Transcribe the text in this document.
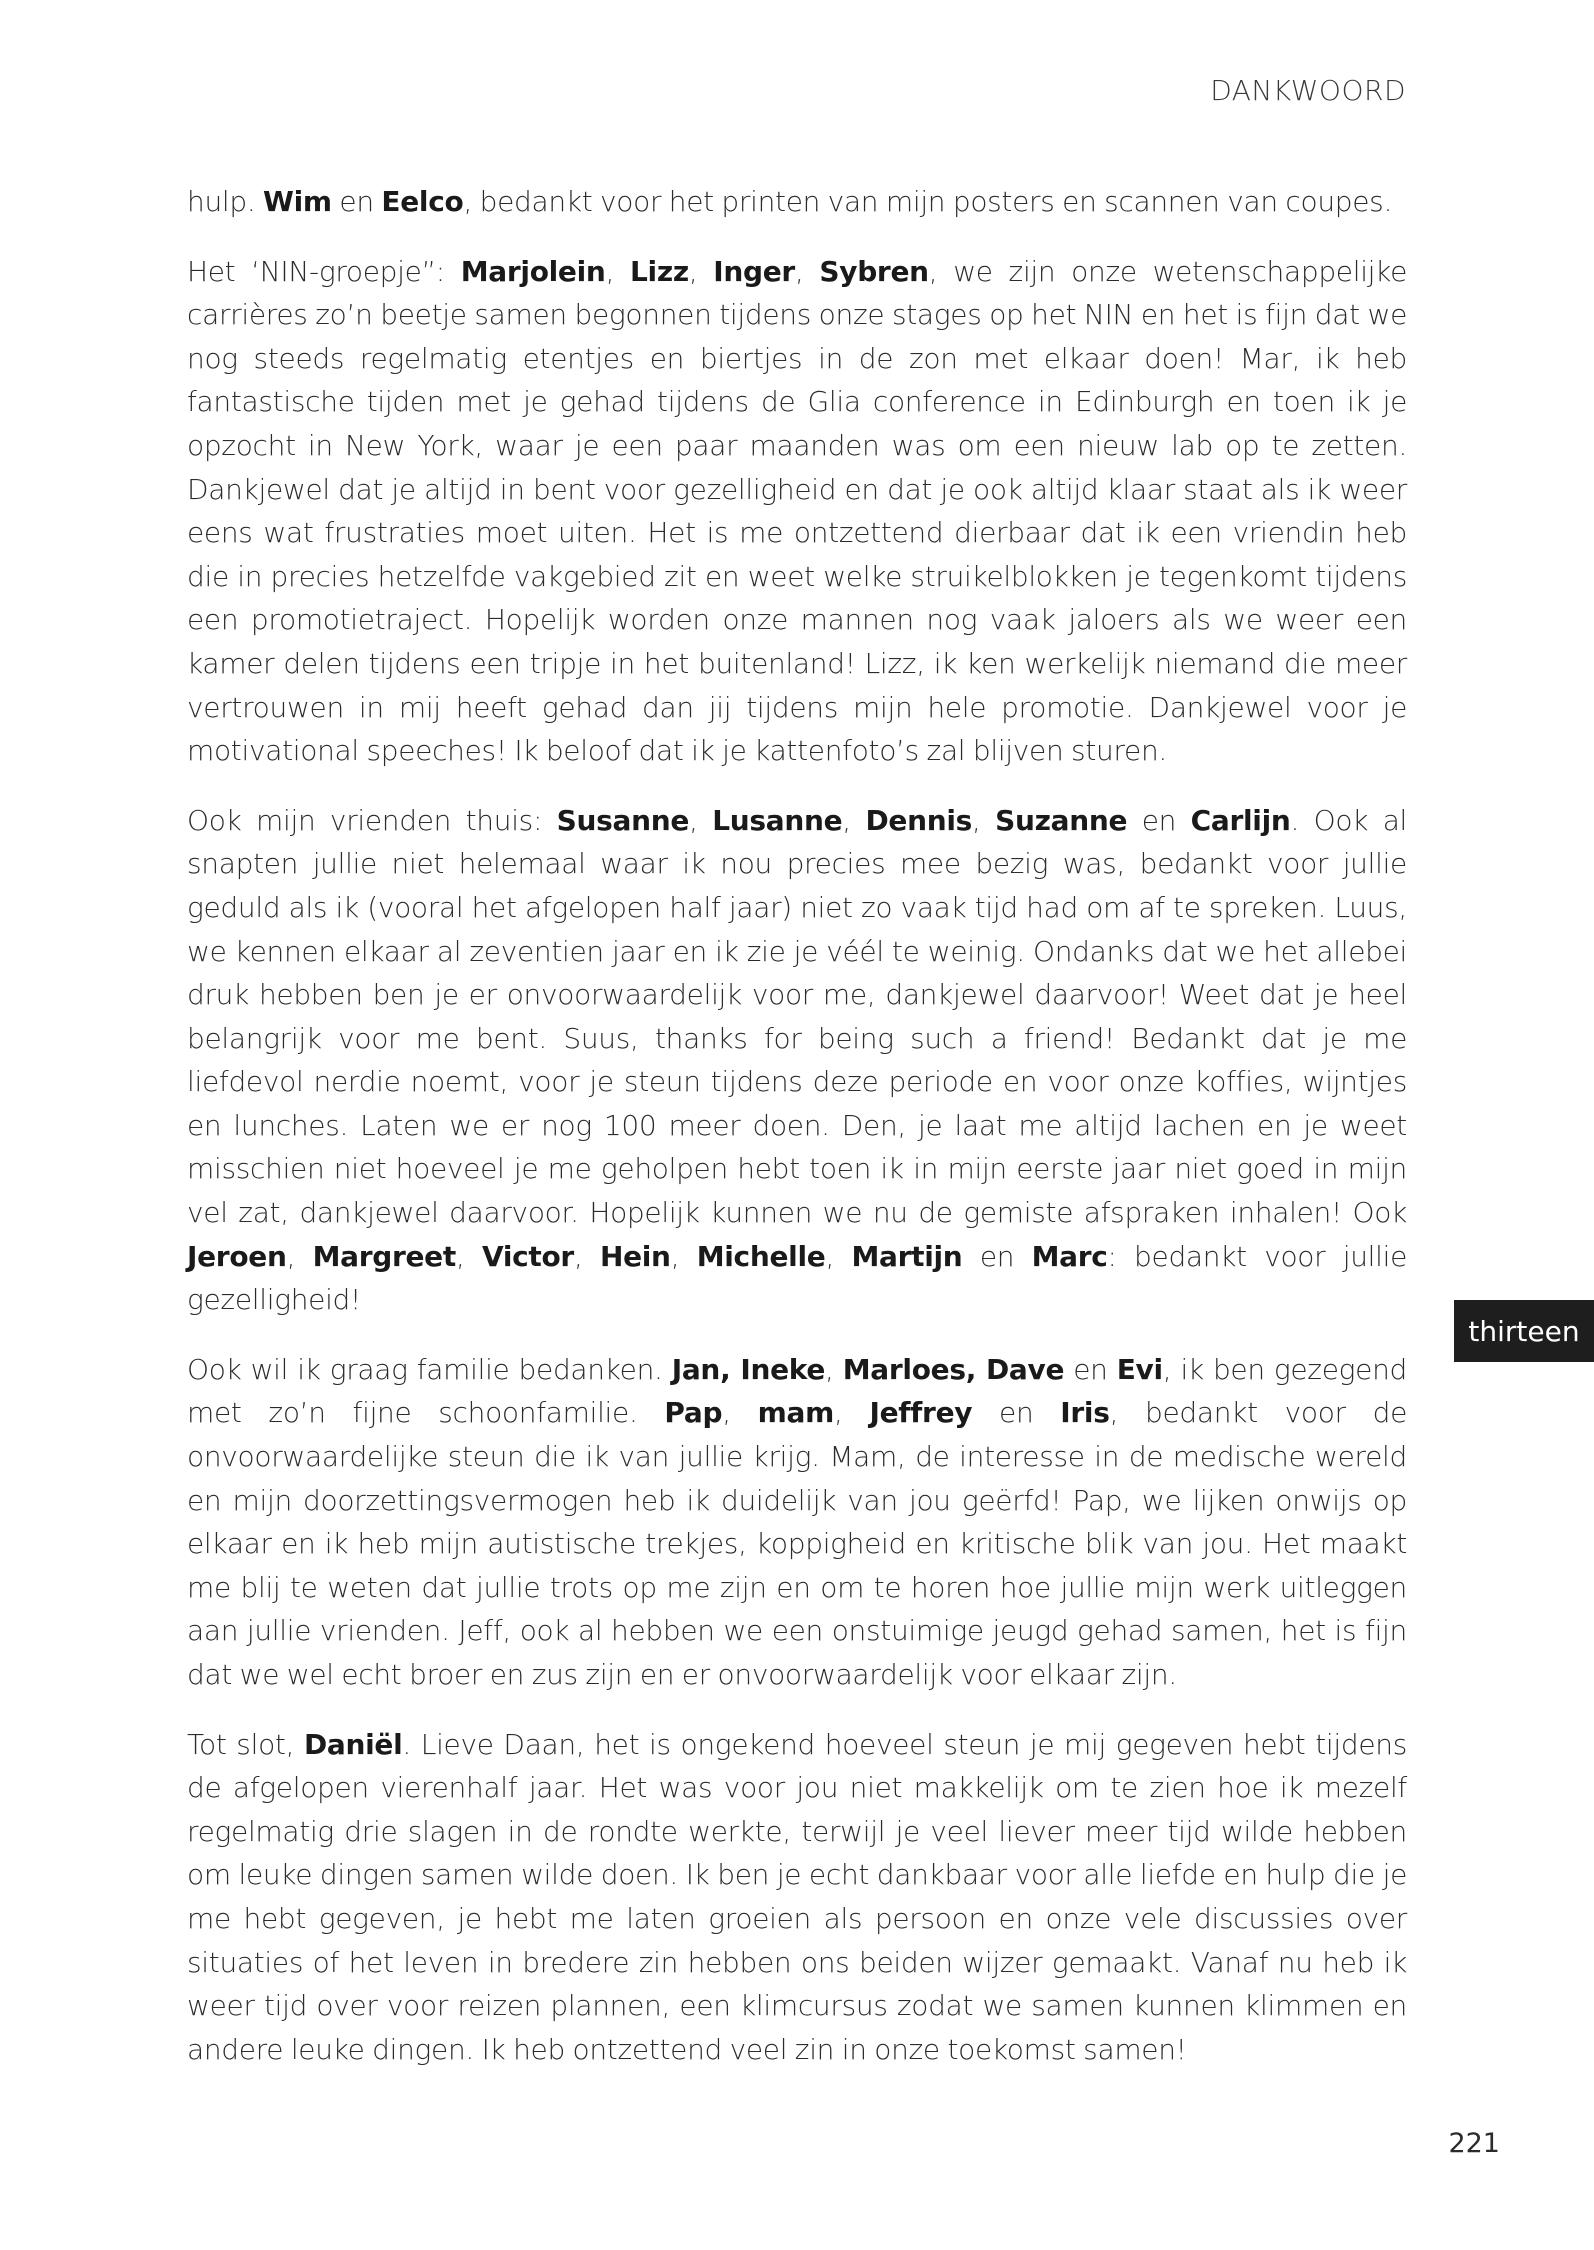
DANKWOORD

hulp. Wim en Eelco, bedankt voor het printen van mijn posters en scannen van coupes.

Het ‘NIN-groepje”: Marjolein, Lizz, Inger, Sybren, we zijn onze wetenschappelijke carrières zo’n beetje samen begonnen tijdens onze stages op het NIN en het is fijn dat we nog steeds regelmatig etentjes en biertjes in de zon met elkaar doen! Mar, ik heb fantastische tijden met je gehad tijdens de Glia conference in Edinburgh en toen ik je opzocht in New York, waar je een paar maanden was om een nieuw lab op te zetten. Dankjewel dat je altijd in bent voor gezelligheid en dat je ook altijd klaar staat als ik weer eens wat frustraties moet uiten. Het is me ontzettend dierbaar dat ik een vriendin heb die in precies hetzelfde vakgebied zit en weet welke struikelblokken je tegenkomt tijdens een promotietraject. Hopelijk worden onze mannen nog vaak jaloers als we weer een kamer delen tijdens een tripje in het buitenland! Lizz, ik ken werkelijk niemand die meer vertrouwen in mij heeft gehad dan jij tijdens mijn hele promotie. Dankjewel voor je motivational speeches! Ik beloof dat ik je kattenfoto’s zal blijven sturen.

Ook mijn vrienden thuis: Susanne, Lusanne, Dennis, Suzanne en Carlijn. Ook al snapten jullie niet helemaal waar ik nou precies mee bezig was, bedankt voor jullie geduld als ik (vooral het afgelopen half jaar) niet zo vaak tijd had om af te spreken. Luus, we kennen elkaar al zeventien jaar en ik zie je véél te weinig. Ondanks dat we het allebei druk hebben ben je er onvoorwaardelijk voor me, dankjewel daarvoor! Weet dat je heel belangrijk voor me bent. Suus, thanks for being such a friend! Bedankt dat je me liefdevol nerdie noemt, voor je steun tijdens deze periode en voor onze koffies, wijntjes en lunches. Laten we er nog 100 meer doen. Den, je laat me altijd lachen en je weet misschien niet hoeveel je me geholpen hebt toen ik in mijn eerste jaar niet goed in mijn vel zat, dankjewel daarvoor. Hopelijk kunnen we nu de gemiste afspraken inhalen! Ook Jeroen, Margreet, Victor, Hein, Michelle, Martijn en Marc: bedankt voor jullie gezelligheid!

Ook wil ik graag familie bedanken. Jan, Ineke, Marloes, Dave en Evi, ik ben gezegend met zo’n fijne schoonfamilie. Pap, mam, Jeffrey en Iris, bedankt voor de onvoorwaardelijke steun die ik van jullie krijg. Mam, de interesse in de medische wereld en mijn doorzettingsvermogen heb ik duidelijk van jou geërfd! Pap, we lijken onwijs op elkaar en ik heb mijn autistische trekjes, koppigheid en kritische blik van jou. Het maakt me blij te weten dat jullie trots op me zijn en om te horen hoe jullie mijn werk uitleggen aan jullie vrienden. Jeff, ook al hebben we een onstuimige jeugd gehad samen, het is fijn dat we wel echt broer en zus zijn en er onvoorwaardelijk voor elkaar zijn.

Tot slot, Daniël. Lieve Daan, het is ongekend hoeveel steun je mij gegeven hebt tijdens de afgelopen vierenhalf jaar. Het was voor jou niet makkelijk om te zien hoe ik mezelf regelmatig drie slagen in de rondte werkte, terwijl je veel liever meer tijd wilde hebben om leuke dingen samen wilde doen. Ik ben je echt dankbaar voor alle liefde en hulp die je me hebt gegeven, je hebt me laten groeien als persoon en onze vele discussies over situaties of het leven in bredere zin hebben ons beiden wijzer gemaakt. Vanaf nu heb ik weer tijd over voor reizen plannen, een klimcursus zodat we samen kunnen klimmen en andere leuke dingen. Ik heb ontzettend veel zin in onze toekomst samen!

thirteen
221
